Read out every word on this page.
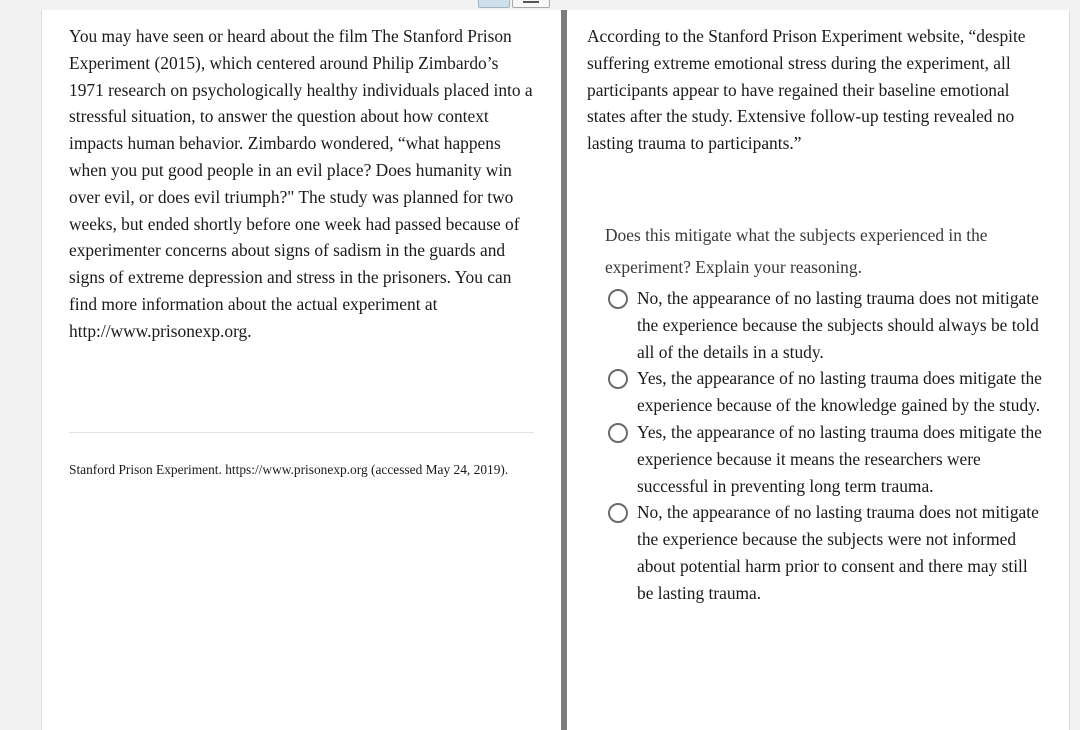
You may have seen or heard about the film The Stanford Prison Experiment (2015), which centered around Philip Zimbardo’s 1971 research on psychologically healthy individuals placed into a stressful situation, to answer the question about how context impacts human behavior. Zimbardo wondered, “what happens when you put good people in an evil place? Does humanity win over evil, or does evil triumph?" The study was planned for two weeks, but ended shortly before one week had passed because of experimenter concerns about signs of sadism in the guards and signs of extreme depression and stress in the prisoners. You can find more information about the actual experiment at http://www.prisonexp.org.

Stanford Prison Experiment. https://www.prisonexp.org (accessed May 24, 2019).

According to the Stanford Prison Experiment website, “despite suffering extreme emotional stress during the experiment, all participants appear to have regained their baseline emotional states after the study. Extensive follow-up testing revealed no lasting trauma to participants.”

Does this mitigate what the subjects experienced in the experiment? Explain your reasoning.

No, the appearance of no lasting trauma does not mitigate the experience because the subjects should always be told all of the details in a study.
Yes, the appearance of no lasting trauma does mitigate the experience because of the knowledge gained by the study.
Yes, the appearance of no lasting trauma does mitigate the experience because it means the researchers were successful in preventing long term trauma.
No, the appearance of no lasting trauma does not mitigate the experience because the subjects were not informed about potential harm prior to consent and there may still be lasting trauma.
